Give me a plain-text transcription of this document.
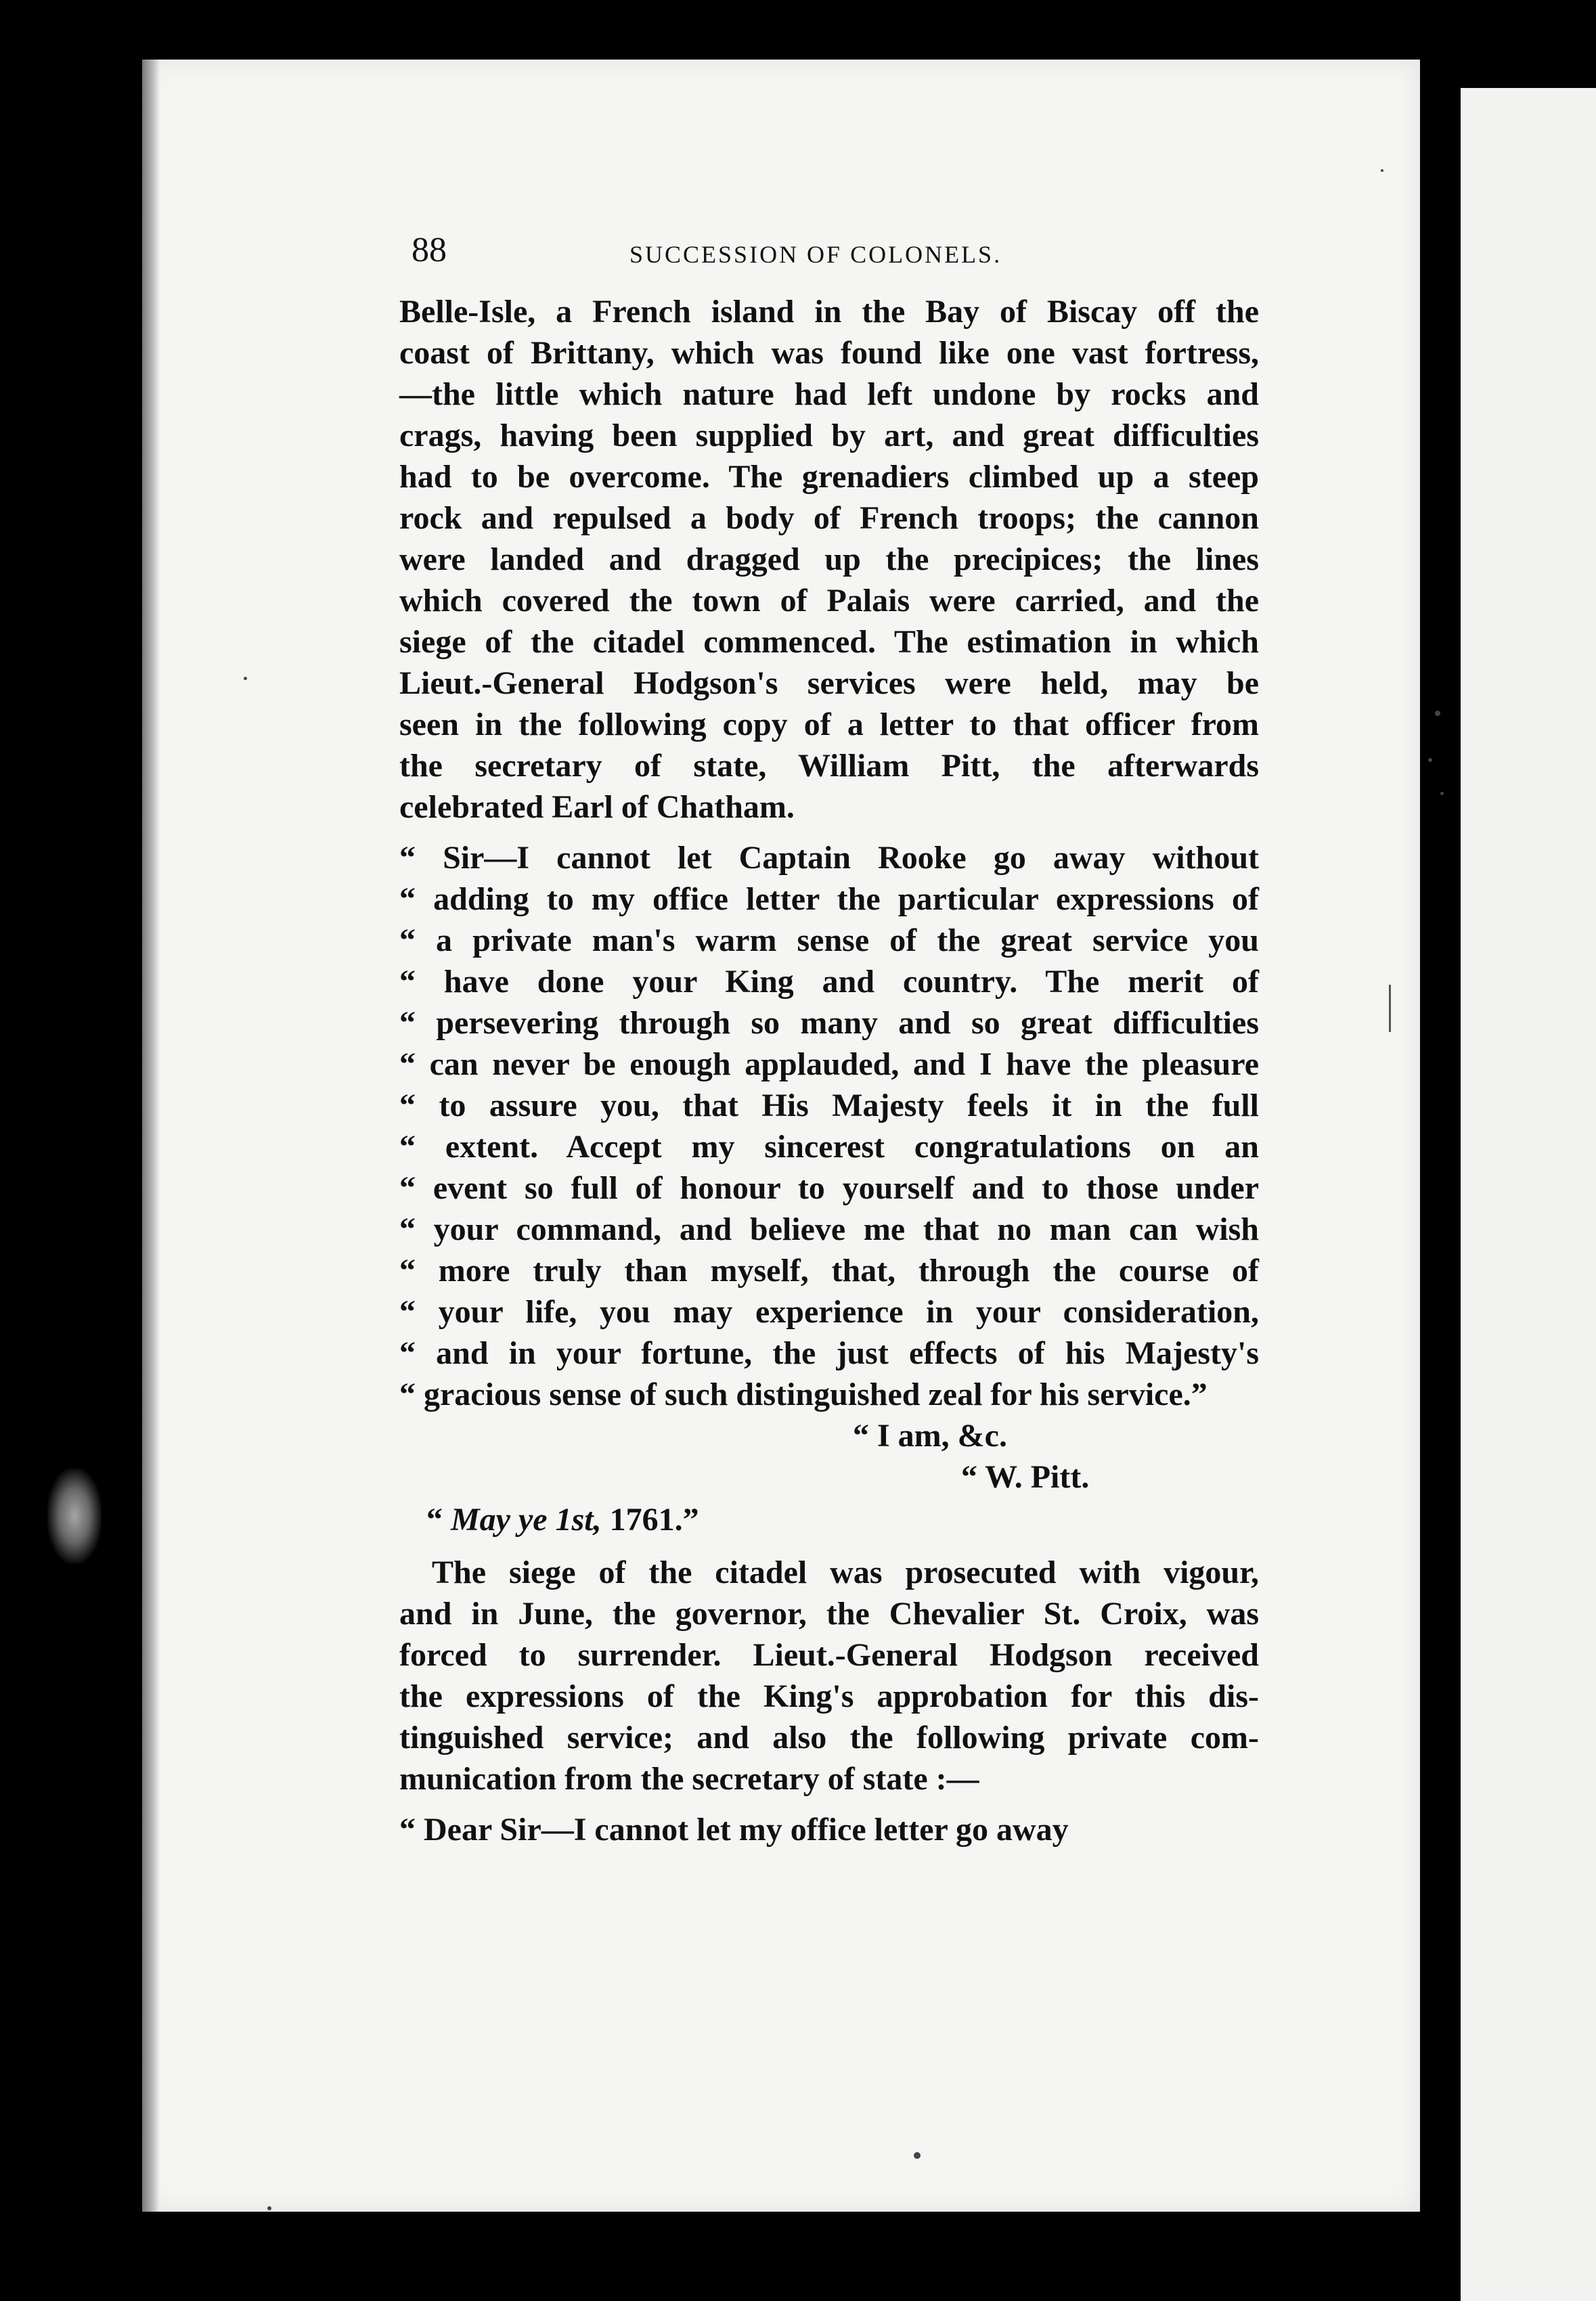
88	SUCCESSION OF COLONELS.
Belle-Isle, a French island in the Bay of Biscay off the
coast of Brittany, which was found like one vast fortress,
—the little which nature had left undone by rocks and
crags, having been supplied by art, and great difficulties
had to be overcome. The grenadiers climbed up a steep
rock and repulsed a body of French troops; the cannon
were landed and dragged up the precipices; the lines
which covered the town of Palais were carried, and the
siege of the citadel commenced. The estimation in which
Lieut.-General Hodgson's services were held, may be
seen in the following copy of a letter to that officer from
the secretary of state, William Pitt, the afterwards
celebrated Earl of Chatham.
“ Sir—I cannot let Captain Rooke go away without
“ adding to my office letter the particular expressions of
“ a private man's warm sense of the great service you
“ have done your King and country. The merit of
“ persevering through so many and so great difficulties
“ can never be enough applauded, and I have the pleasure
“ to assure you, that His Majesty feels it in the full
“ extent. Accept my sincerest congratulations on an
“ event so full of honour to yourself and to those under
“ your command, and believe me that no man can wish
“ more truly than myself, that, through the course of
“ your life, you may experience in your consideration,
“ and in your fortune, the just effects of his Majesty's
“ gracious sense of such distinguished zeal for his service.”
“ I am, &c.
“ W. Pitt.
“ May ye 1st, 1761.”
The siege of the citadel was prosecuted with vigour,
and in June, the governor, the Chevalier St. Croix, was
forced to surrender. Lieut.-General Hodgson received
the expressions of the King's approbation for this dis-
tinguished service; and also the following private com-
munication from the secretary of state :—
“ Dear Sir—I cannot let my office letter go away
